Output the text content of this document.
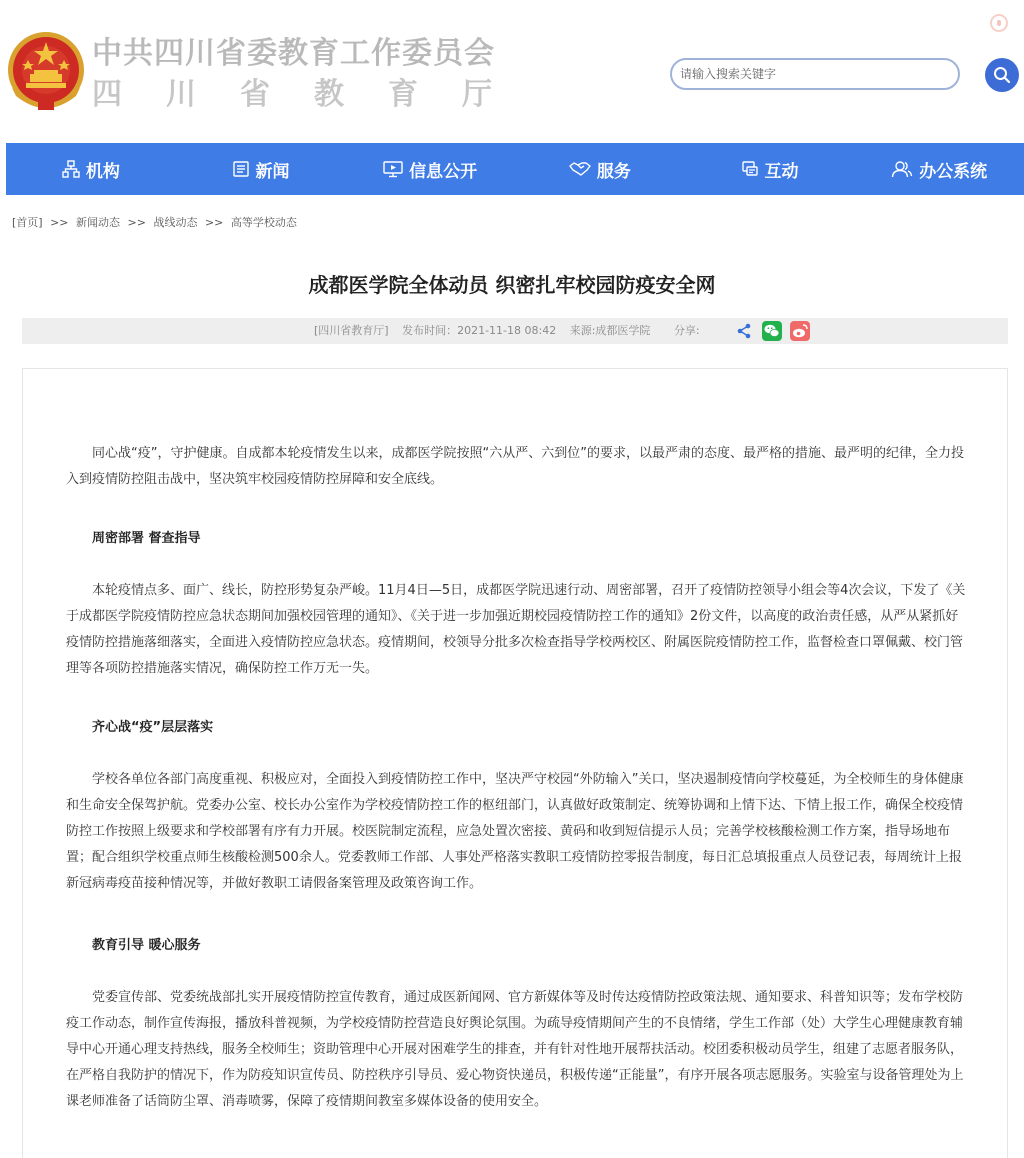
中共四川省委教育工作委员会
四川省教育厅
请输入搜索关键字
机构	新闻	信息公开	服务	互动	办公系统
[首页] >> 新闻动态 >> 战线动态 >> 高等学校动态
成都医学院全体动员 织密扎牢校园防疫安全网
[四川省教育厅] 发布时间：2021-11-18 08:42 来源:成都医学院 分享:

同心战“疫”，守护健康。自成都本轮疫情发生以来，成都医学院按照“六从严、六到位”的要求，以最严肃的态度、最严格的措施、最严明的纪律，全力投入到疫情防控阻击战中，坚决筑牢校园疫情防控屏障和安全底线。

周密部署 督查指导

本轮疫情点多、面广、线长，防控形势复杂严峻。11月4日—5日，成都医学院迅速行动、周密部署，召开了疫情防控领导小组会等4次会议，下发了《关于成都医学院疫情防控应急状态期间加强校园管理的通知》、《关于进一步加强近期校园疫情防控工作的通知》2份文件，以高度的政治责任感，从严从紧抓好疫情防控措施落细落实，全面进入疫情防控应急状态。疫情期间，校领导分批多次检查指导学校两校区、附属医院疫情防控工作，监督检查口罩佩戴、校门管理等各项防控措施落实情况，确保防控工作万无一失。

齐心战“疫”层层落实

学校各单位各部门高度重视、积极应对，全面投入到疫情防控工作中，坚决严守校园“外防输入”关口，坚决遏制疫情向学校蔓延，为全校师生的身体健康和生命安全保驾护航。党委办公室、校长办公室作为学校疫情防控工作的枢纽部门，认真做好政策制定、统筹协调和上情下达、下情上报工作，确保全校疫情防控工作按照上级要求和学校部署有序有力开展。校医院制定流程，应急处置次密接、黄码和收到短信提示人员；完善学校核酸检测工作方案，指导场地布置；配合组织学校重点师生核酸检测500余人。党委教师工作部、人事处严格落实教职工疫情防控零报告制度，每日汇总填报重点人员登记表，每周统计上报新冠病毒疫苗接种情况等，并做好教职工请假备案管理及政策咨询工作。

教育引导 暖心服务

党委宣传部、党委统战部扎实开展疫情防控宣传教育，通过成医新闻网、官方新媒体等及时传达疫情防控政策法规、通知要求、科普知识等；发布学校防疫工作动态，制作宣传海报，播放科普视频，为学校疫情防控营造良好舆论氛围。为疏导疫情期间产生的不良情绪，学生工作部（处）大学生心理健康教育辅导中心开通心理支持热线，服务全校师生；资助管理中心开展对困难学生的排查，并有针对性地开展帮扶活动。校团委积极动员学生，组建了志愿者服务队，在严格自我防护的情况下，作为防疫知识宣传员、防控秩序引导员、爱心物资快递员，积极传递“正能量”，有序开展各项志愿服务。实验室与设备管理处为上课老师准备了话筒防尘罩、消毒喷雾，保障了疫情期间教室多媒体设备的使用安全。
